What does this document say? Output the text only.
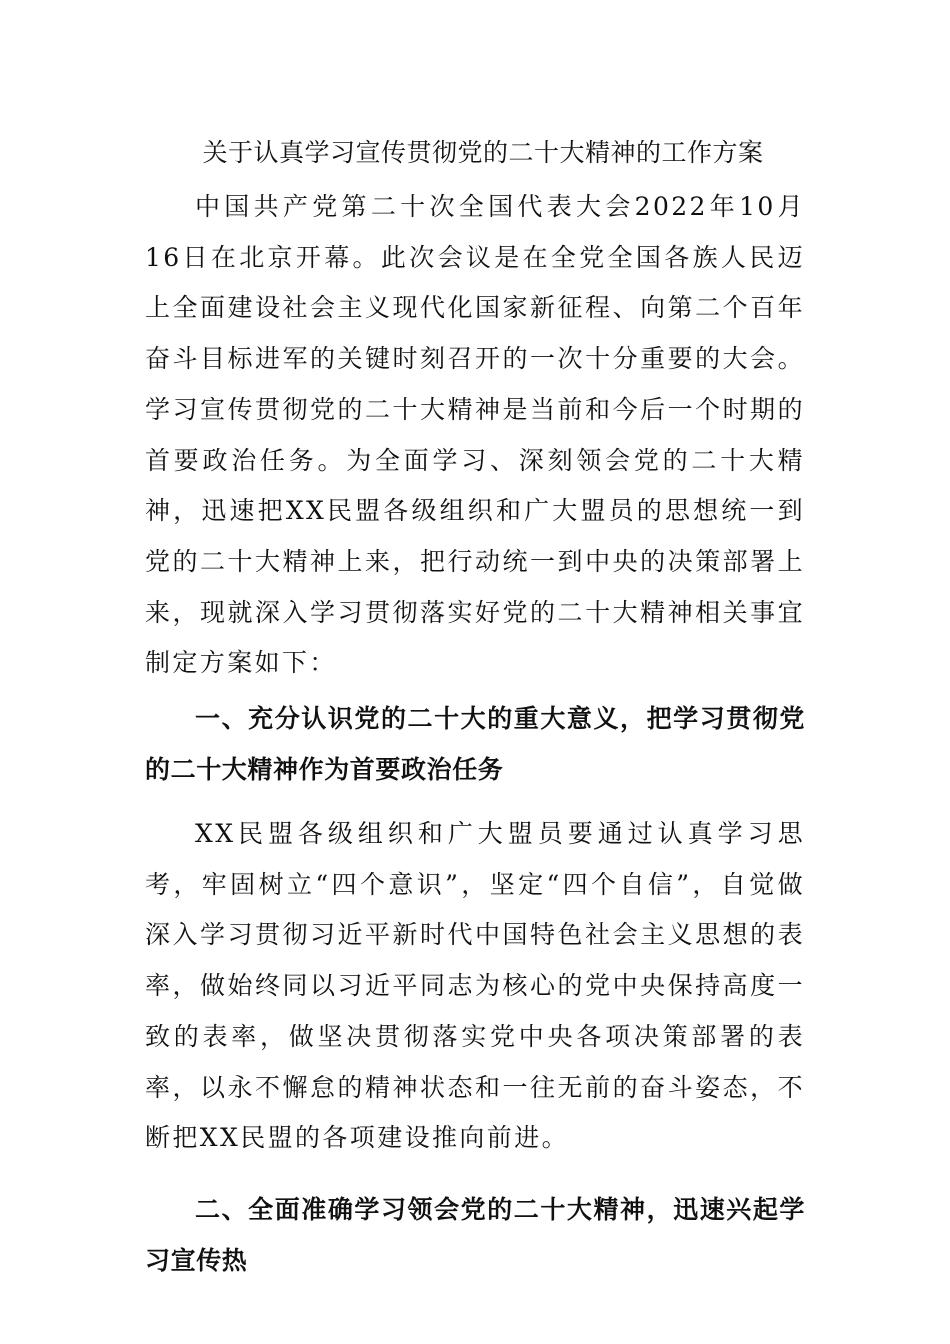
关于认真学习宣传贯彻党的二十大精神的工作方案

中国共产党第二十次全国代表大会2022年10月16日在北京开幕。此次会议是在全党全国各族人民迈上全面建设社会主义现代化国家新征程、向第二个百年奋斗目标进军的关键时刻召开的一次十分重要的大会。学习宣传贯彻党的二十大精神是当前和今后一个时期的首要政治任务。为全面学习、深刻领会党的二十大精神，迅速把XX民盟各级组织和广大盟员的思想统一到党的二十大精神上来，把行动统一到中央的决策部署上来，现就深入学习贯彻落实好党的二十大精神相关事宜制定方案如下：

一、充分认识党的二十大的重大意义，把学习贯彻党的二十大精神作为首要政治任务

XX民盟各级组织和广大盟员要通过认真学习思考，牢固树立“四个意识”，坚定“四个自信”，自觉做深入学习贯彻习近平新时代中国特色社会主义思想的表率，做始终同以习近平同志为核心的党中央保持高度一致的表率，做坚决贯彻落实党中央各项决策部署的表率，以永不懈怠的精神状态和一往无前的奋斗姿态，不断把XX民盟的各项建设推向前进。

二、全面准确学习领会党的二十大精神，迅速兴起学习宣传热
